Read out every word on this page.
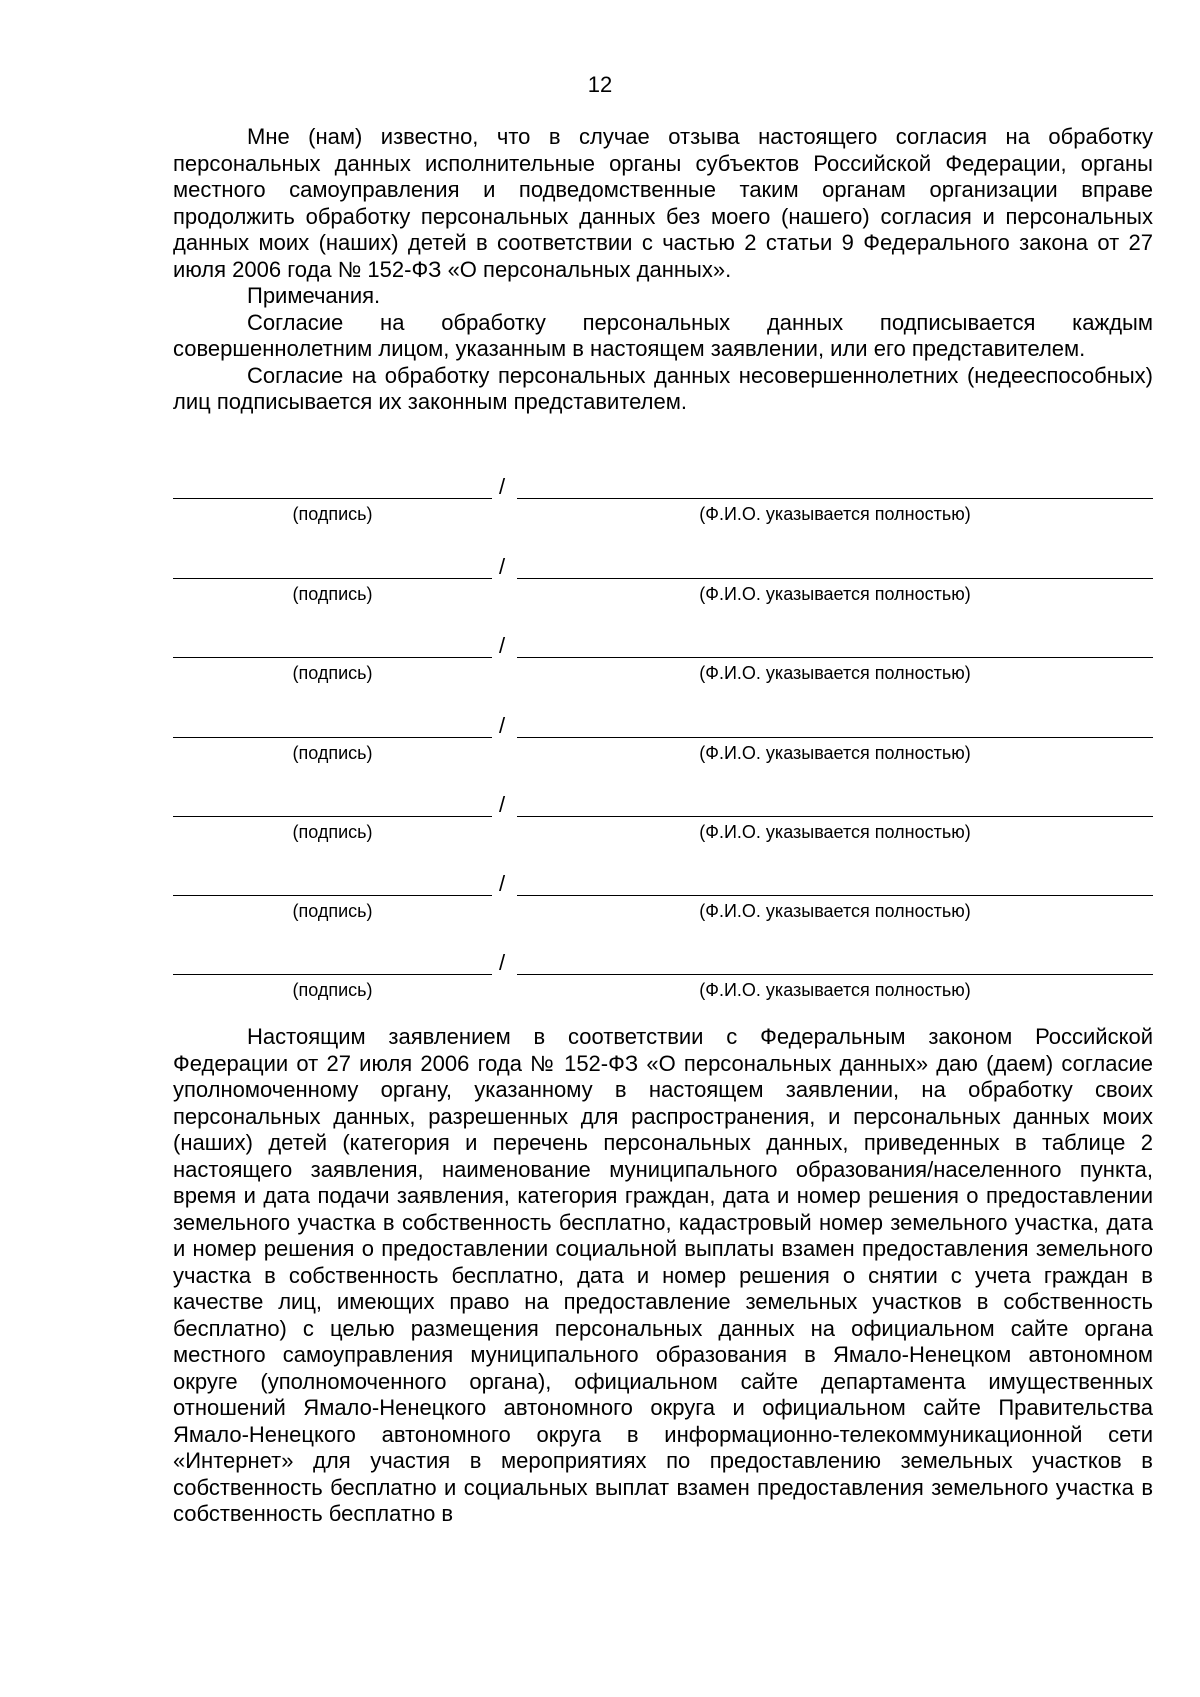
12

Мне (нам) известно, что в случае отзыва настоящего согласия на обработку персональных данных исполнительные органы субъектов Российской Федерации, органы местного самоуправления и подведомственные таким органам организации вправе продолжить обработку персональных данных без моего (нашего) согласия и персональных данных моих (наших) детей в соответствии с частью 2 статьи 9 Федерального закона от 27 июля 2006 года № 152-ФЗ «О персональных данных».

Примечания.

Согласие на обработку персональных данных подписывается каждым совершеннолетним лицом, указанным в настоящем заявлении, или его представителем.

Согласие на обработку персональных данных несовершеннолетних (недееспособных) лиц подписывается их законным представителем.

/
(подпись)	(Ф.И.О. указывается полностью)
/
(подпись)	(Ф.И.О. указывается полностью)
/
(подпись)	(Ф.И.О. указывается полностью)
/
(подпись)	(Ф.И.О. указывается полностью)
/
(подпись)	(Ф.И.О. указывается полностью)
/
(подпись)	(Ф.И.О. указывается полностью)
/
(подпись)	(Ф.И.О. указывается полностью)

Настоящим заявлением в соответствии с Федеральным законом Российской Федерации от 27 июля 2006 года № 152-ФЗ «О персональных данных» даю (даем) согласие уполномоченному органу, указанному в настоящем заявлении, на обработку своих персональных данных, разрешенных для распространения, и персональных данных моих (наших) детей (категория и перечень персональных данных, приведенных в таблице 2 настоящего заявления, наименование муниципального образования/населенного пункта, время и дата подачи заявления, категория граждан, дата и номер решения о предоставлении земельного участка в собственность бесплатно, кадастровый номер земельного участка, дата и номер решения о предоставлении социальной выплаты взамен предоставления земельного участка в собственность бесплатно, дата и номер решения о снятии с учета граждан в качестве лиц, имеющих право на предоставление земельных участков в собственность бесплатно) с целью размещения персональных данных на официальном сайте органа местного самоуправления муниципального образования в Ямало-Ненецком автономном округе (уполномоченного органа), официальном сайте департамента имущественных отношений Ямало-Ненецкого автономного округа и официальном сайте Правительства Ямало-Ненецкого автономного округа в информационно-телекоммуникационной сети «Интернет» для участия в мероприятиях по предоставлению земельных участков в собственность бесплатно и социальных выплат взамен предоставления земельного участка в собственность бесплатно в
